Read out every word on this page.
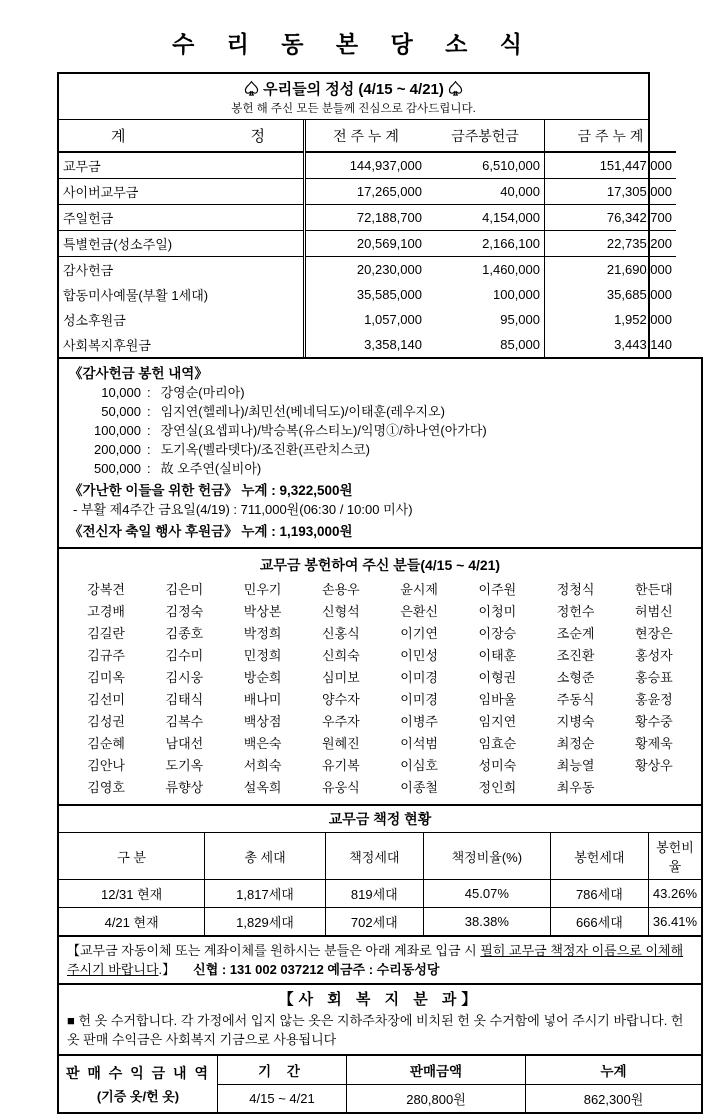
수 리 동 본 당 소 식
♤ 우리들의 정성 (4/15 ~ 4/21) ♤
봉헌 해 주신 모든 분들께 진심으로 감사드립니다.
계 정	전 주 누 계	금주봉헌금	금 주 누 계
교무금	144,937,000	6,510,000	151,447,000
사이버교무금	17,265,000	40,000	17,305,000
주일헌금	72,188,700	4,154,000	76,342,700
특별헌금(성소주일)	20,569,100	2,166,100	22,735,200
감사헌금	20,230,000	1,460,000	21,690,000
합동미사예물(부활 1세대)	35,585,000	100,000	35,685,000
성소후원금	1,057,000	95,000	1,952,000
사회복지후원금	3,358,140	85,000	3,443,140
《감사헌금 봉헌 내역》
10,000 : 강영순(마리아)
50,000 : 임지연(헬레나)/최민선(베네딕도)/이태훈(레우지오)
100,000 : 장연실(요셉피나)/박승복(유스티노)/익명①/하나연(아가다)
200,000 : 도기옥(벨라뎃다)/조진환(프란치스코)
500,000 : 故 오주연(실비아)
《가난한 이들을 위한 헌금》 누계 : 9,322,500원
- 부활 제4주간 금요일(4/19) : 711,000원(06:30 / 10:00 미사)
《전신자 축일 행사 후원금》 누계 : 1,193,000원
교무금 봉헌하여 주신 분들(4/15 ~ 4/21)
강복견	김은미	민우기	손용우	윤시제	이주원	정청식	한든대
고경배	김정숙	박상본	신형석	은환신	이청미	정헌수	허범신
김길란	김종호	박정희	신홍식	이기연	이장승	조순계	현장은
김규주	김수미	민정희	신희숙	이민성	이태훈	조진환	홍성자
김미옥	김시웅	방순희	심미보	이미경	이형권	소형준	홍승표
김선미	김태식	배나미	양수자	이미경	임바울	주동식	홍윤정
김성권	김복수	백상점	우주자	이병주	임지연	지병숙	황수중
김순혜	남대선	백은숙	원혜진	이석범	임효순	최정순	황제욱
김안나	도기옥	서희숙	유기복	이심호	성미숙	최능열	황상우
김영호	류향상	설옥희	유웅식	이종철	정인희	최우동
교무금 책정 현황
구 분	총 세대	책정세대	책정비율(%)	봉헌세대	봉헌비율
12/31 현재	1,817세대	819세대	45.07%	786세대	43.26%
4/21 현재	1,829세대	702세대	38.38%	666세대	36.41%
【교무금 자동이체 또는 계좌이체를 원하시는 분들은 아래 계좌로 입금 시 필히 교무금 책정자 이름으로 이체해 주시기 바랍니다.】 신협 : 131 002 037212 예금주 : 수리동성당
【사 회 복 지 분 과】
■ 헌 옷 수거합니다. 각 가정에서 입지 않는 옷은 지하주차장에 비치된 헌 옷 수거함에 넣어 주시기 바랍니다. 헌 옷 판매 수익금은 사회복지 기금으로 사용됩니다
판 매 수 익 금 내 역
(기증 옷/헌 옷)
기 간	판매금액	누계
4/15 ~ 4/21	280,800원	862,300원
